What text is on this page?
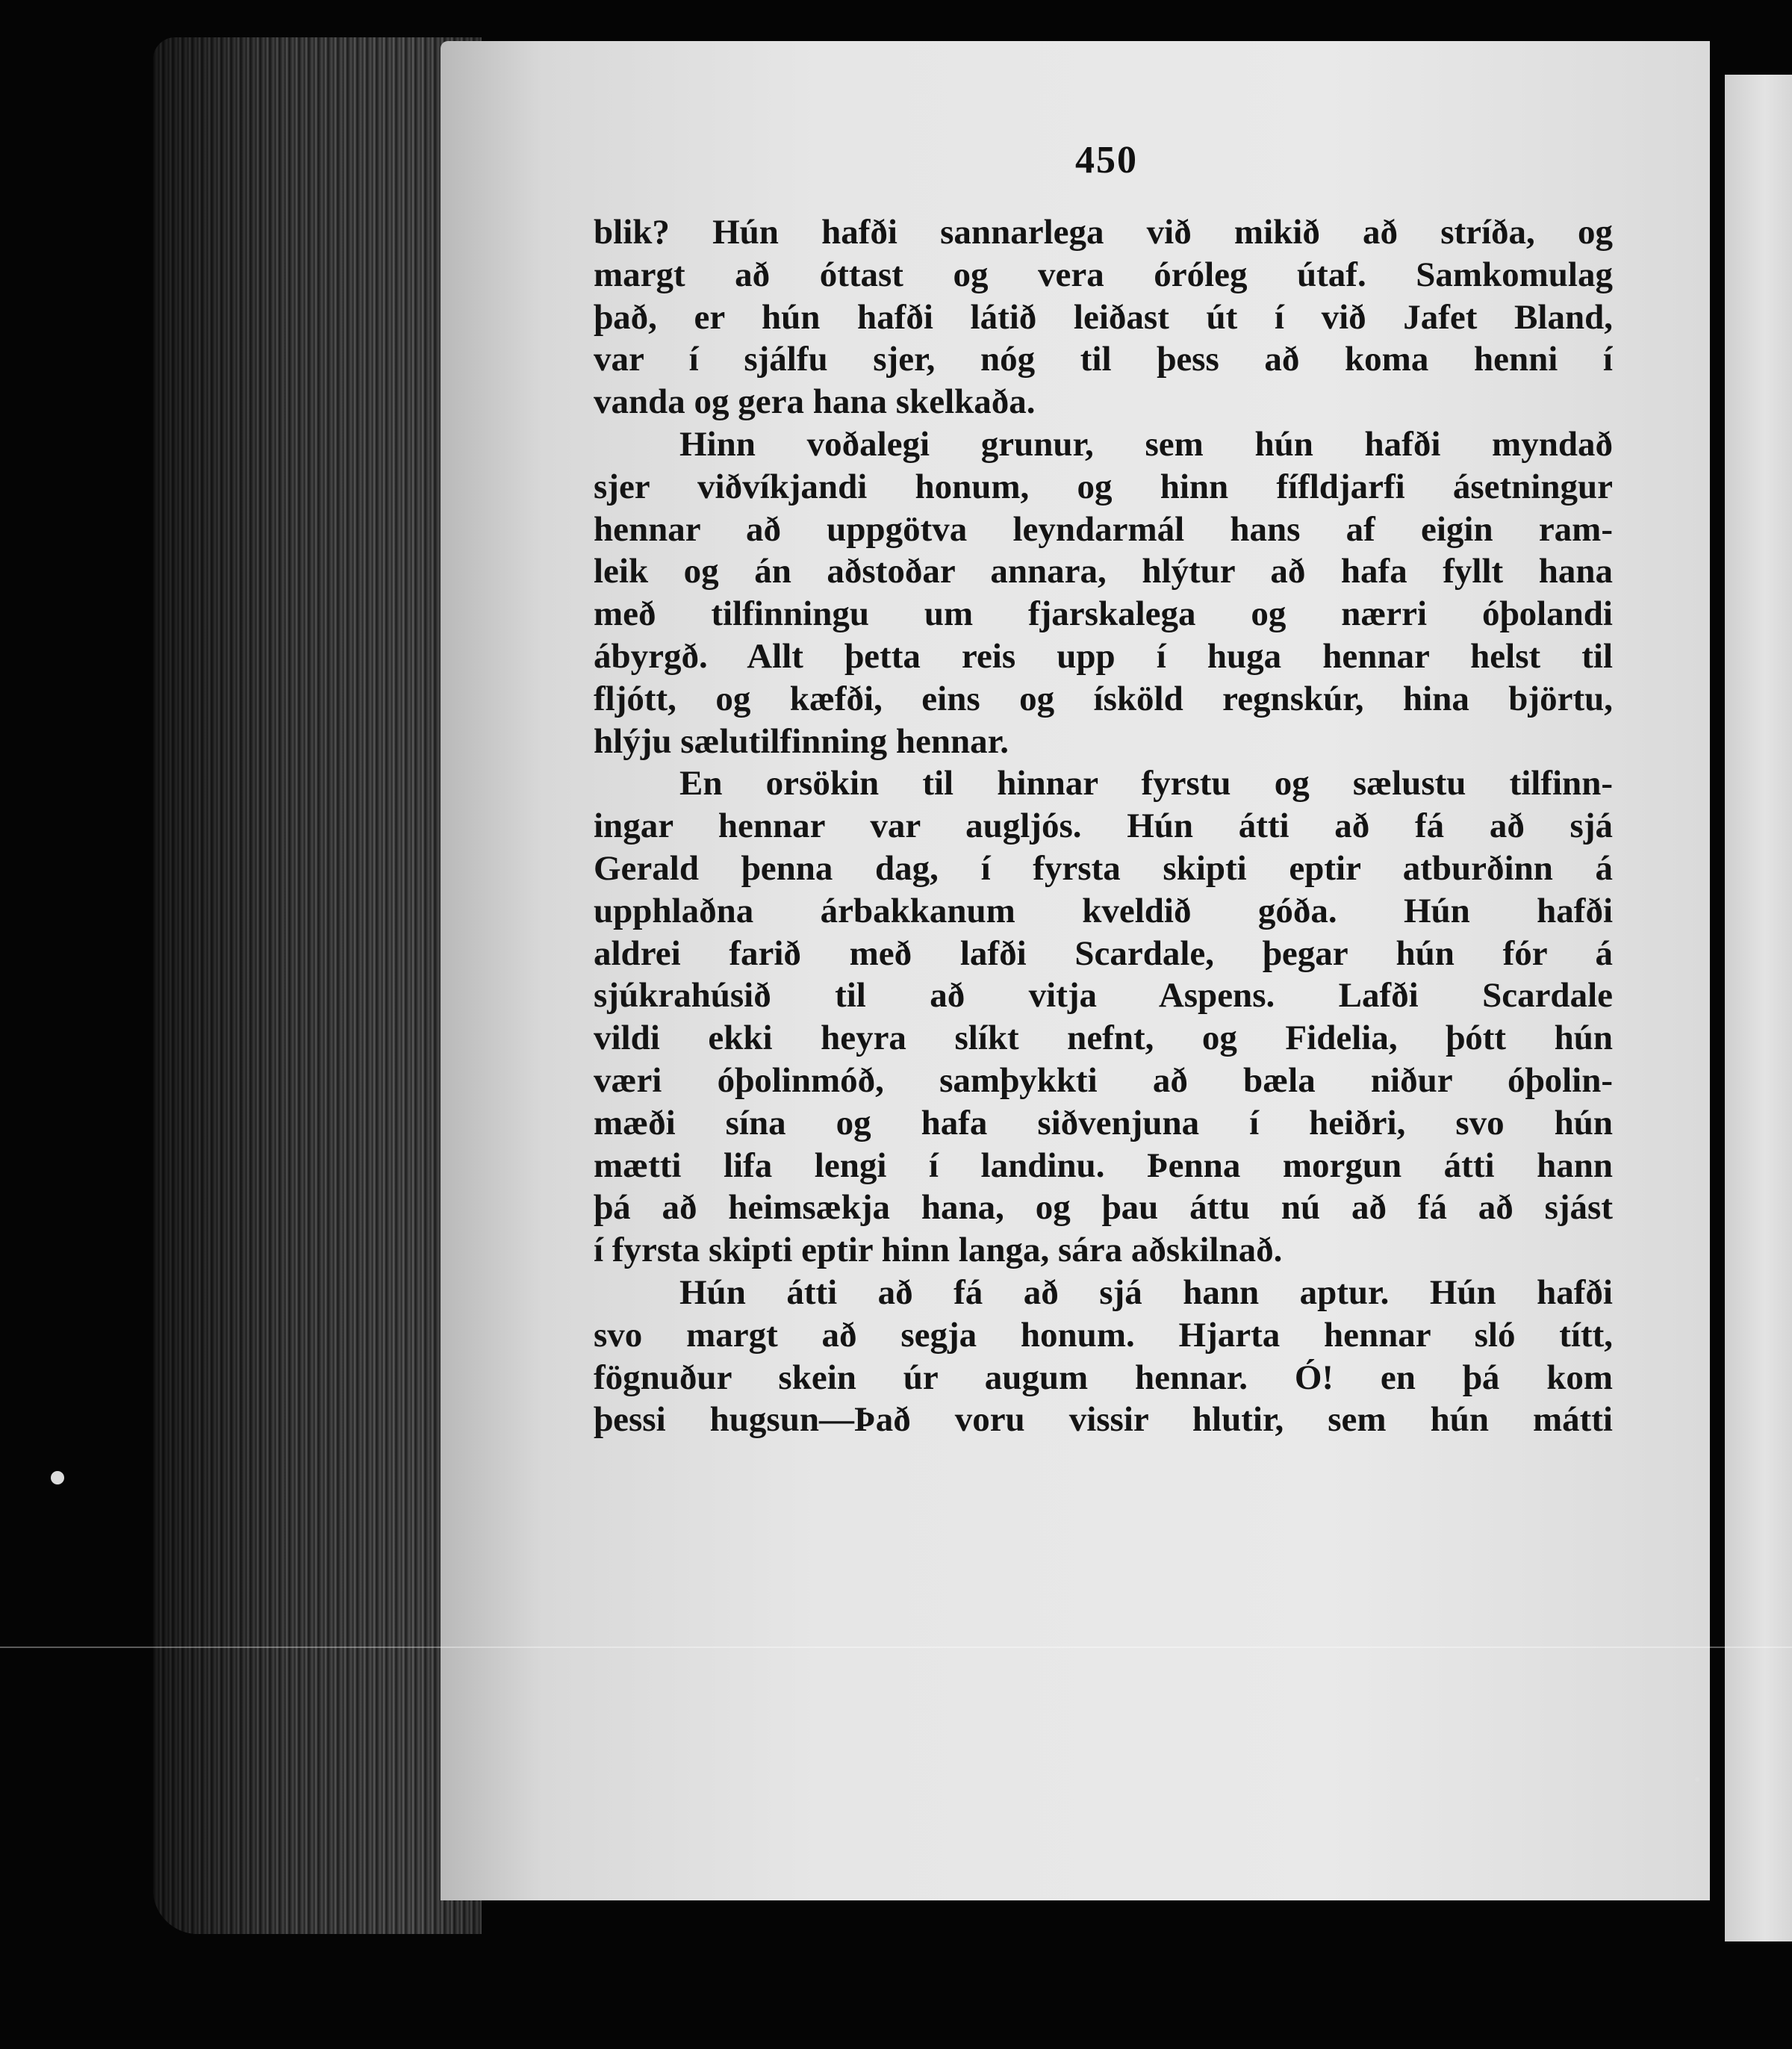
450
blik? Hún hafði sannarlega við mikið að stríða, og
margt að óttast og vera óróleg útaf. Samkomulag
það, er hún hafði látið leiðast út í við Jafet Bland,
var í sjálfu sjer, nóg til þess að koma henni í
vanda og gera hana skelkaða.
Hinn voðalegi grunur, sem hún hafði myndað
sjer viðvíkjandi honum, og hinn fífldjarfi ásetningur
hennar að uppgötva leyndarmál hans af eigin ram-
leik og án aðstoðar annara, hlýtur að hafa fyllt hana
með tilfinningu um fjarskalega og nærri óþolandi
ábyrgð. Allt þetta reis upp í huga hennar helst til
fljótt, og kæfði, eins og ísköld regnskúr, hina björtu,
hlýju sælutilfinning hennar.
En orsökin til hinnar fyrstu og sælustu tilfinn-
ingar hennar var augljós. Hún átti að fá að sjá
Gerald þenna dag, í fyrsta skipti eptir atburðinn á
upphlaðna árbakkanum kveldið góða. Hún hafði
aldrei farið með lafði Scardale, þegar hún fór á
sjúkrahúsið til að vitja Aspens. Lafði Scardale
vildi ekki heyra slíkt nefnt, og Fidelia, þótt hún
væri óþolinmóð, samþykkti að bæla niður óþolin-
mæði sína og hafa siðvenjuna í heiðri, svo hún
mætti lifa lengi í landinu. Þenna morgun átti hann
þá að heimsækja hana, og þau áttu nú að fá að sjást
í fyrsta skipti eptir hinn langa, sára aðskilnað.
Hún átti að fá að sjá hann aptur. Hún hafði
svo margt að segja honum. Hjarta hennar sló títt,
fögnuður skein úr augum hennar. Ó! en þá kom
þessi hugsun—Það voru vissir hlutir, sem hún mátti
